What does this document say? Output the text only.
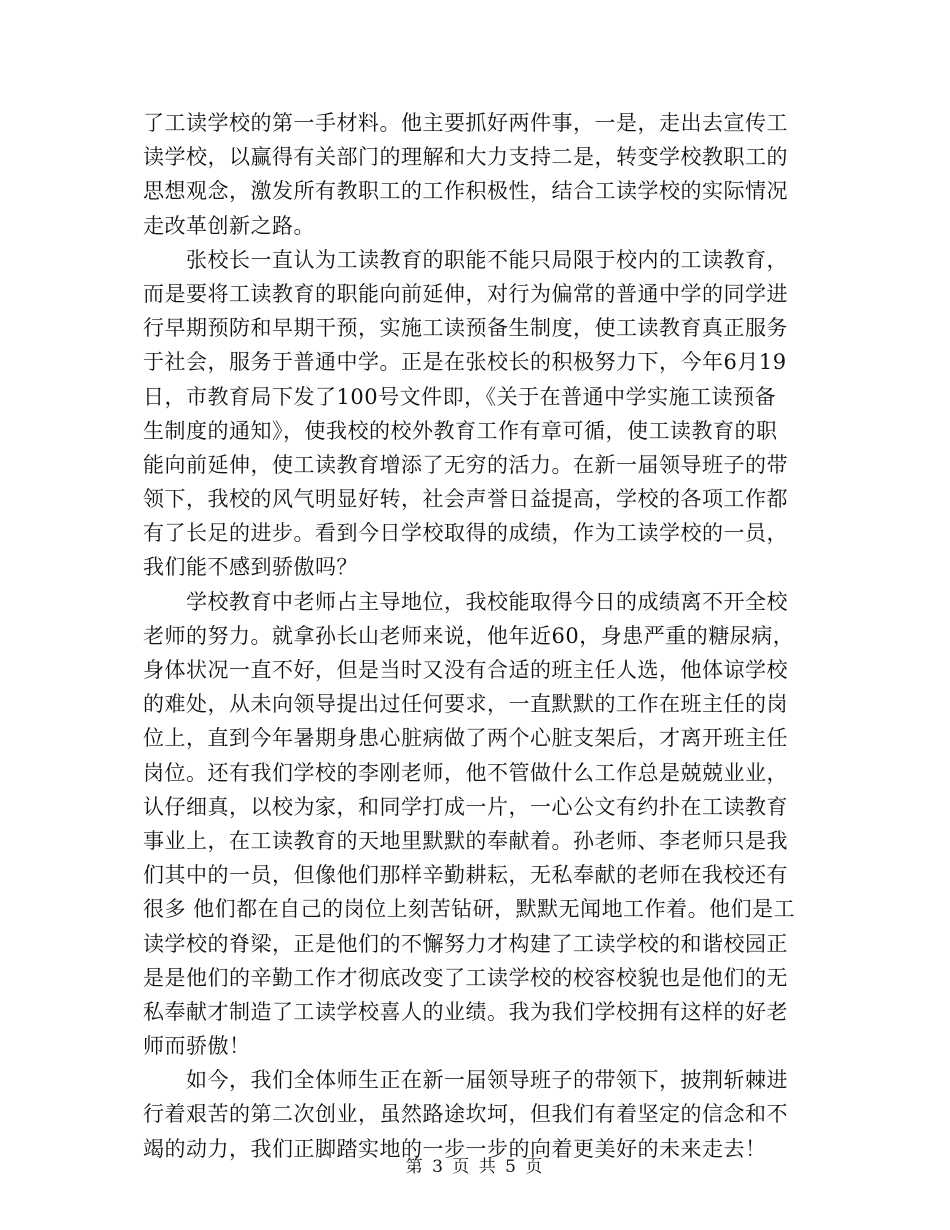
了工读学校的第一手材料。他主要抓好两件事，一是，走出去宣传工
读学校，以赢得有关部门的理解和大力支持二是，转变学校教职工的
思想观念，激发所有教职工的工作积极性，结合工读学校的实际情况
走改革创新之路。
　　张校长一直认为工读教育的职能不能只局限于校内的工读教育，
而是要将工读教育的职能向前延伸，对行为偏常的普通中学的同学进
行早期预防和早期干预，实施工读预备生制度，使工读教育真正服务
于社会，服务于普通中学。正是在张校长的积极努力下，今年6月19
日，市教育局下发了100号文件即，《关于在普通中学实施工读预备
生制度的通知》，使我校的校外教育工作有章可循，使工读教育的职
能向前延伸，使工读教育增添了无穷的活力。在新一届领导班子的带
领下，我校的风气明显好转，社会声誉日益提高，学校的各项工作都
有了长足的进步。看到今日学校取得的成绩，作为工读学校的一员，
我们能不感到骄傲吗？
　　学校教育中老师占主导地位，我校能取得今日的成绩离不开全校
老师的努力。就拿孙长山老师来说，他年近60，身患严重的糖尿病，
身体状况一直不好，但是当时又没有合适的班主任人选，他体谅学校
的难处，从未向领导提出过任何要求，一直默默的工作在班主任的岗
位上，直到今年暑期身患心脏病做了两个心脏支架后，才离开班主任
岗位。还有我们学校的李刚老师，他不管做什么工作总是兢兢业业，
认仔细真，以校为家，和同学打成一片，一心公文有约扑在工读教育
事业上，在工读教育的天地里默默的奉献着。孙老师、李老师只是我
们其中的一员，但像他们那样辛勤耕耘，无私奉献的老师在我校还有
很多 他们都在自己的岗位上刻苦钻研，默默无闻地工作着。他们是工
读学校的脊梁，正是他们的不懈努力才构建了工读学校的和谐校园正
是是他们的辛勤工作才彻底改变了工读学校的校容校貌也是他们的无
私奉献才制造了工读学校喜人的业绩。我为我们学校拥有这样的好老
师而骄傲！
　　如今，我们全体师生正在新一届领导班子的带领下，披荆斩棘进
行着艰苦的第二次创业，虽然路途坎坷，但我们有着坚定的信念和不
竭的动力，我们正脚踏实地的一步一步的向着更美好的未来走去！
第 3 页 共 5 页
